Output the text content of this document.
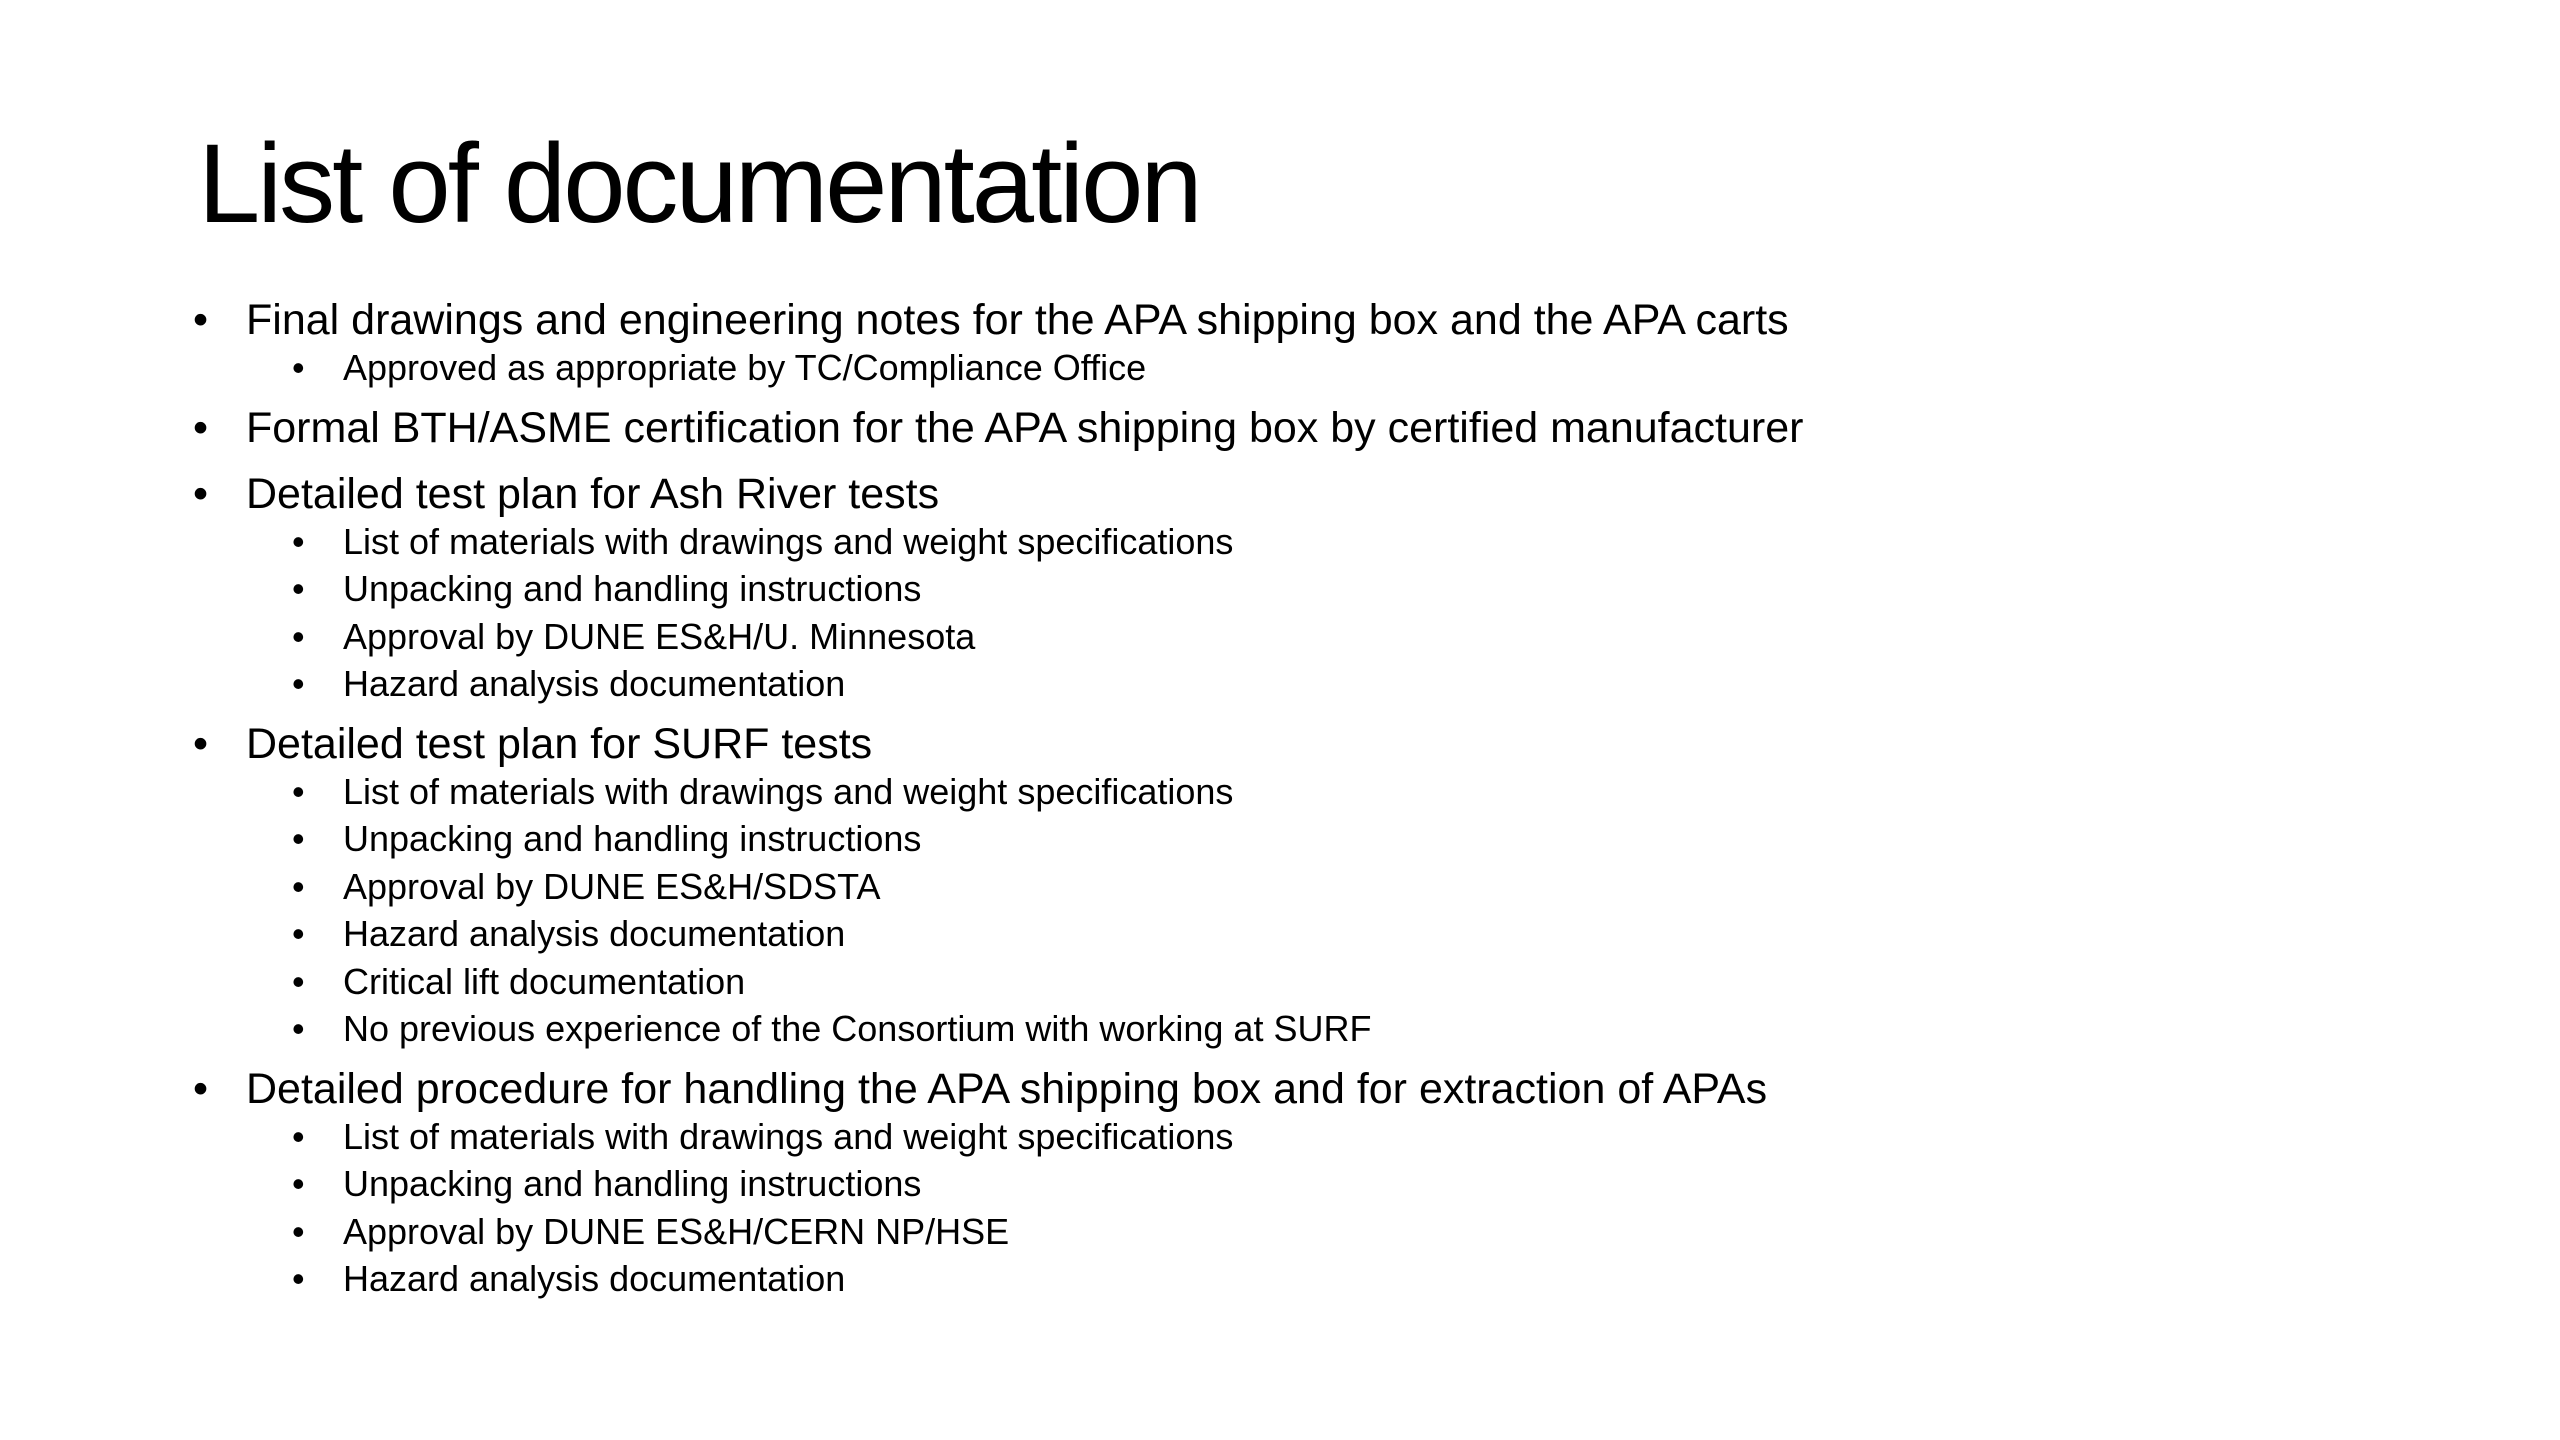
List of documentation
• Final drawings and engineering notes for the APA shipping box and the APA carts
•	Approved as appropriate by TC/Compliance Office
• Formal BTH/ASME certification for the APA shipping box by certified manufacturer
• Detailed test plan for Ash River tests
•	List of materials with drawings and weight specifications
•	Unpacking and handling instructions
•	Approval by DUNE ES&H/U. Minnesota
•	Hazard analysis documentation
• Detailed test plan for SURF tests
•	List of materials with drawings and weight specifications
•	Unpacking and handling instructions
•	Approval by DUNE ES&H/SDSTA
•	Hazard analysis documentation
•	Critical lift documentation
•	No previous experience of the Consortium with working at SURF
• Detailed procedure for handling the APA shipping box and for extraction of APAs
•	List of materials with drawings and weight specifications
•	Unpacking and handling instructions
•	Approval by DUNE ES&H/CERN NP/HSE
•	Hazard analysis documentation
